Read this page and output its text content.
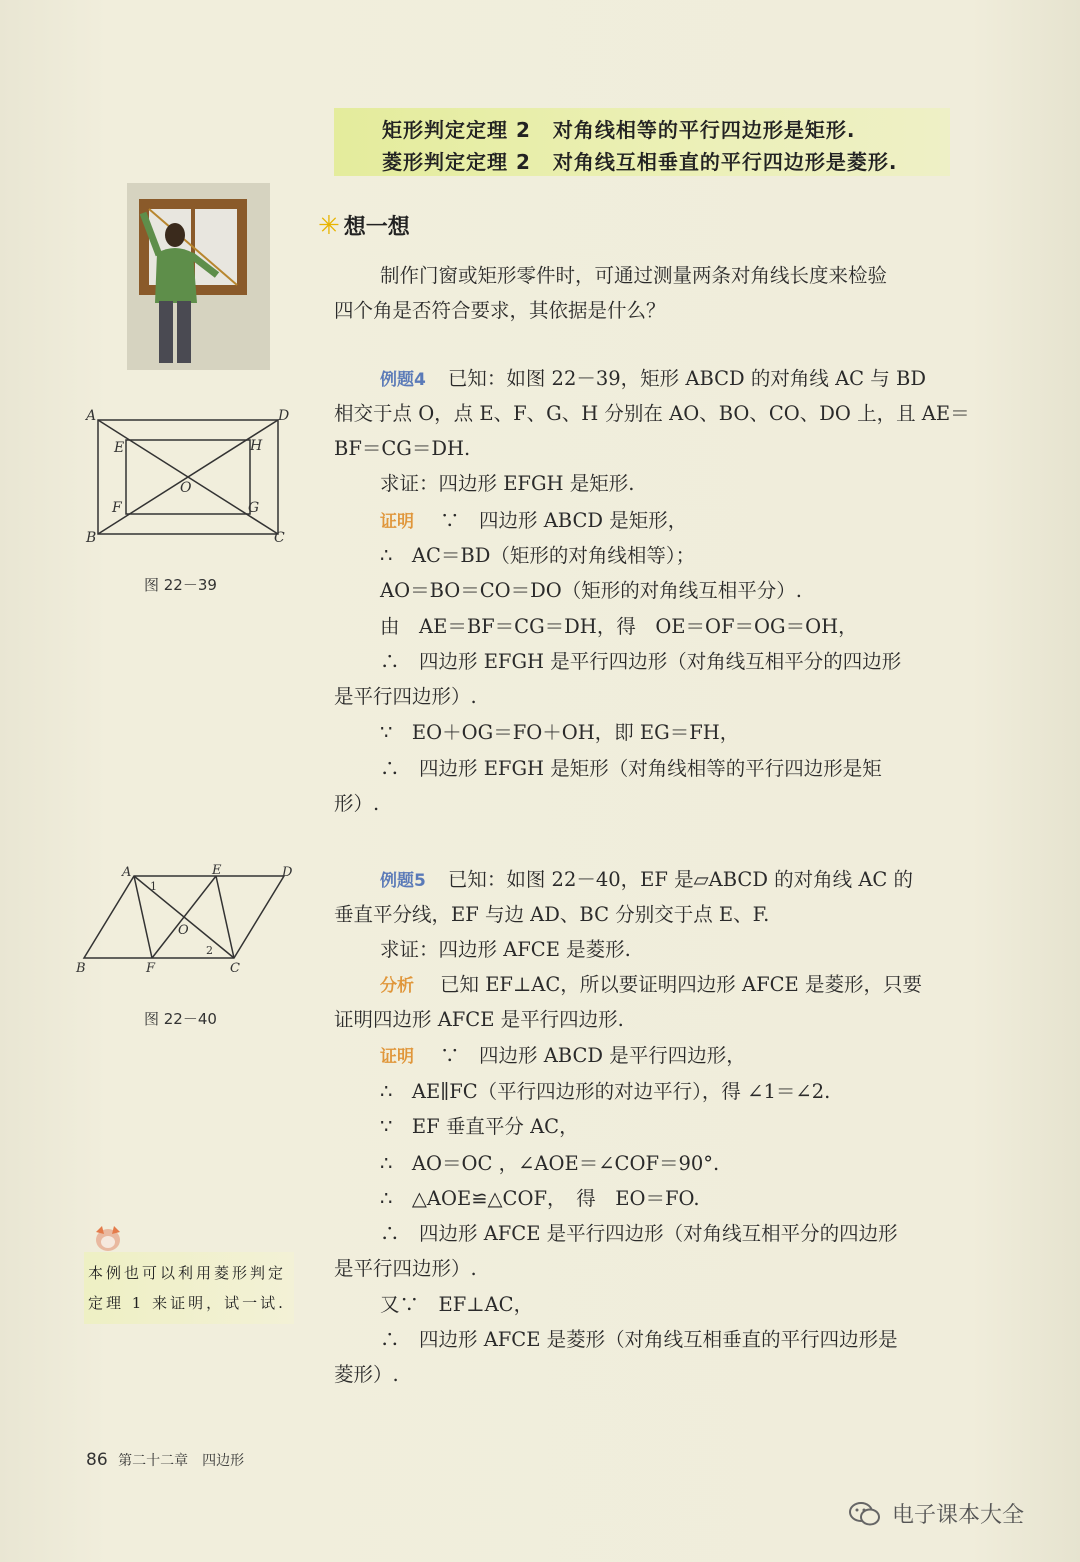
矩形判定定理 2 对角线相等的平行四边形是矩形.
菱形判定定理 2 对角线互相垂直的平行四边形是菱形.
✳ 想一想
制作门窗或矩形零件时，可通过测量两条对角线长度来检验
四个角是否符合要求，其依据是什么？
A	D
B	C
E	H
F	G
O
图 22－39
例题4 已知：如图 22－39，矩形 ABCD 的对角线 AC 与 BD
相交于点 O，点 E、F、G、H 分别在 AO、BO、CO、DO 上，且 AE＝
BF＝CG＝DH.
求证：四边形 EFGH 是矩形.
证明 ∵　四边形 ABCD 是矩形，
∴　AC＝BD（矩形的对角线相等）；
AO＝BO＝CO＝DO（矩形的对角线互相平分）.
由　AE＝BF＝CG＝DH，得　OE＝OF＝OG＝OH，
∴　四边形 EFGH 是平行四边形（对角线互相平分的四边形
是平行四边形）.
∵　EO＋OG＝FO＋OH，即 EG＝FH，
∴　四边形 EFGH 是矩形（对角线相等的平行四边形是矩
形）.
A	E	D
B	F	C
O
1
2
图 22－40
例题5 已知：如图 22－40，EF 是▱ABCD 的对角线 AC 的
垂直平分线，EF 与边 AD、BC 分别交于点 E、F.
求证：四边形 AFCE 是菱形.
分析 已知 EF⊥AC，所以要证明四边形 AFCE 是菱形，只要
证明四边形 AFCE 是平行四边形.
证明 ∵　四边形 ABCD 是平行四边形，
∴　AE∥FC（平行四边形的对边平行），得 ∠1＝∠2.
∵　EF 垂直平分 AC，
∴　AO＝OC ，∠AOE＝∠COF＝90°.
∴　△AOE≌△COF，　得　EO＝FO.
∴　四边形 AFCE 是平行四边形（对角线互相平分的四边形
是平行四边形）.
又∵　EF⊥AC，
∴　四边形 AFCE 是菱形（对角线互相垂直的平行四边形是
菱形）.
本例也可以利用菱形判定定理 1 来证明，试一试.
86 第二十二章　四边形
电子课本大全
